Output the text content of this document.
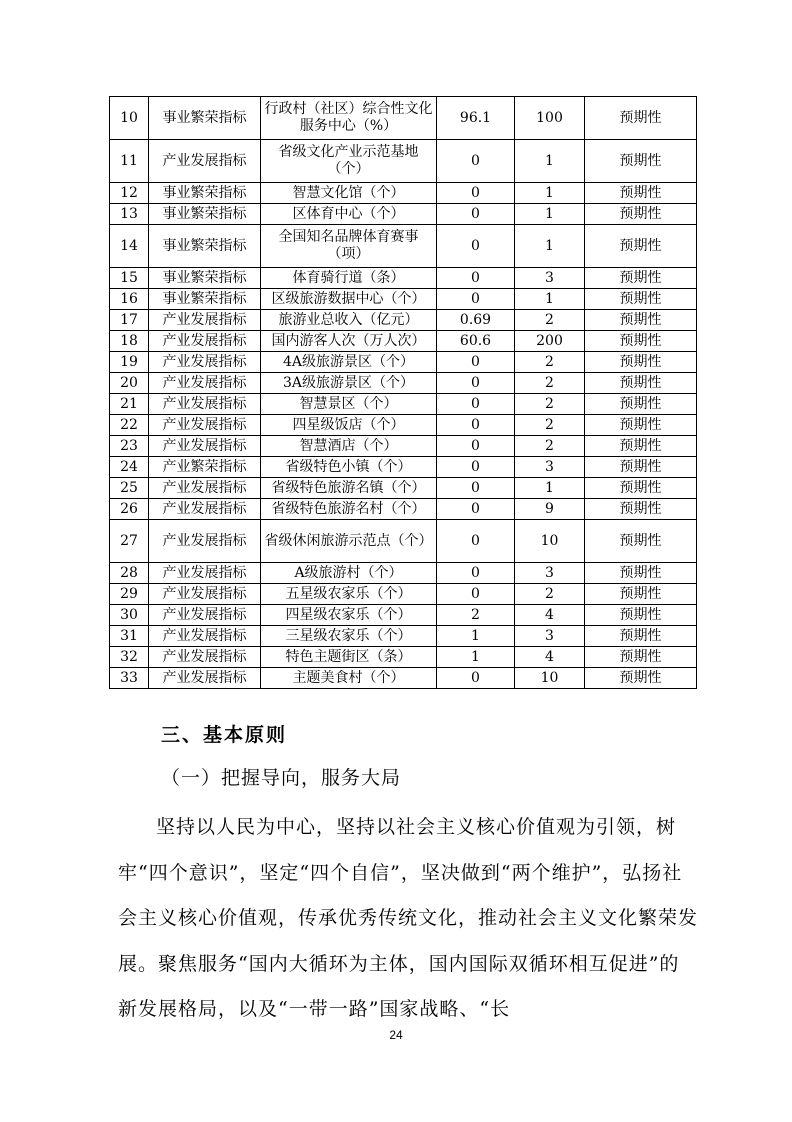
10	事业繁荣指标	行政村（社区）综合性文化服务中心（%）	96.1	100	预期性
11	产业发展指标	省级文化产业示范基地（个）	0	1	预期性
12	事业繁荣指标	智慧文化馆（个）	0	1	预期性
13	事业繁荣指标	区体育中心（个）	0	1	预期性
14	事业繁荣指标	全国知名品牌体育赛事（项）	0	1	预期性
15	事业繁荣指标	体育骑行道（条）	0	3	预期性
16	事业繁荣指标	区级旅游数据中心（个）	0	1	预期性
17	产业发展指标	旅游业总收入（亿元）	0.69	2	预期性
18	产业发展指标	国内游客人次（万人次）	60.6	200	预期性
19	产业发展指标	4A级旅游景区（个）	0	2	预期性
20	产业发展指标	3A级旅游景区（个）	0	2	预期性
21	产业发展指标	智慧景区（个）	0	2	预期性
22	产业发展指标	四星级饭店（个）	0	2	预期性
23	产业发展指标	智慧酒店（个）	0	2	预期性
24	产业繁荣指标	省级特色小镇（个）	0	3	预期性
25	产业发展指标	省级特色旅游名镇（个）	0	1	预期性
26	产业发展指标	省级特色旅游名村（个）	0	9	预期性
27	产业发展指标	省级休闲旅游示范点（个）	0	10	预期性
28	产业发展指标	A级旅游村（个）	0	3	预期性
29	产业发展指标	五星级农家乐（个）	0	2	预期性
30	产业发展指标	四星级农家乐（个）	2	4	预期性
31	产业发展指标	三星级农家乐（个）	1	3	预期性
32	产业发展指标	特色主题街区（条）	1	4	预期性
33	产业发展指标	主题美食村（个）	0	10	预期性
三、基本原则
（一）把握导向，服务大局

坚持以人民为中心，坚持以社会主义核心价值观为引领，树牢“四个意识”，坚定“四个自信”，坚决做到“两个维护”，弘扬社会主义核心价值观，传承优秀传统文化，推动社会主义文化繁荣发展。聚焦服务“国内大循环为主体，国内国际双循环相互促进”的新发展格局，以及“一带一路”国家战略、“长

24
